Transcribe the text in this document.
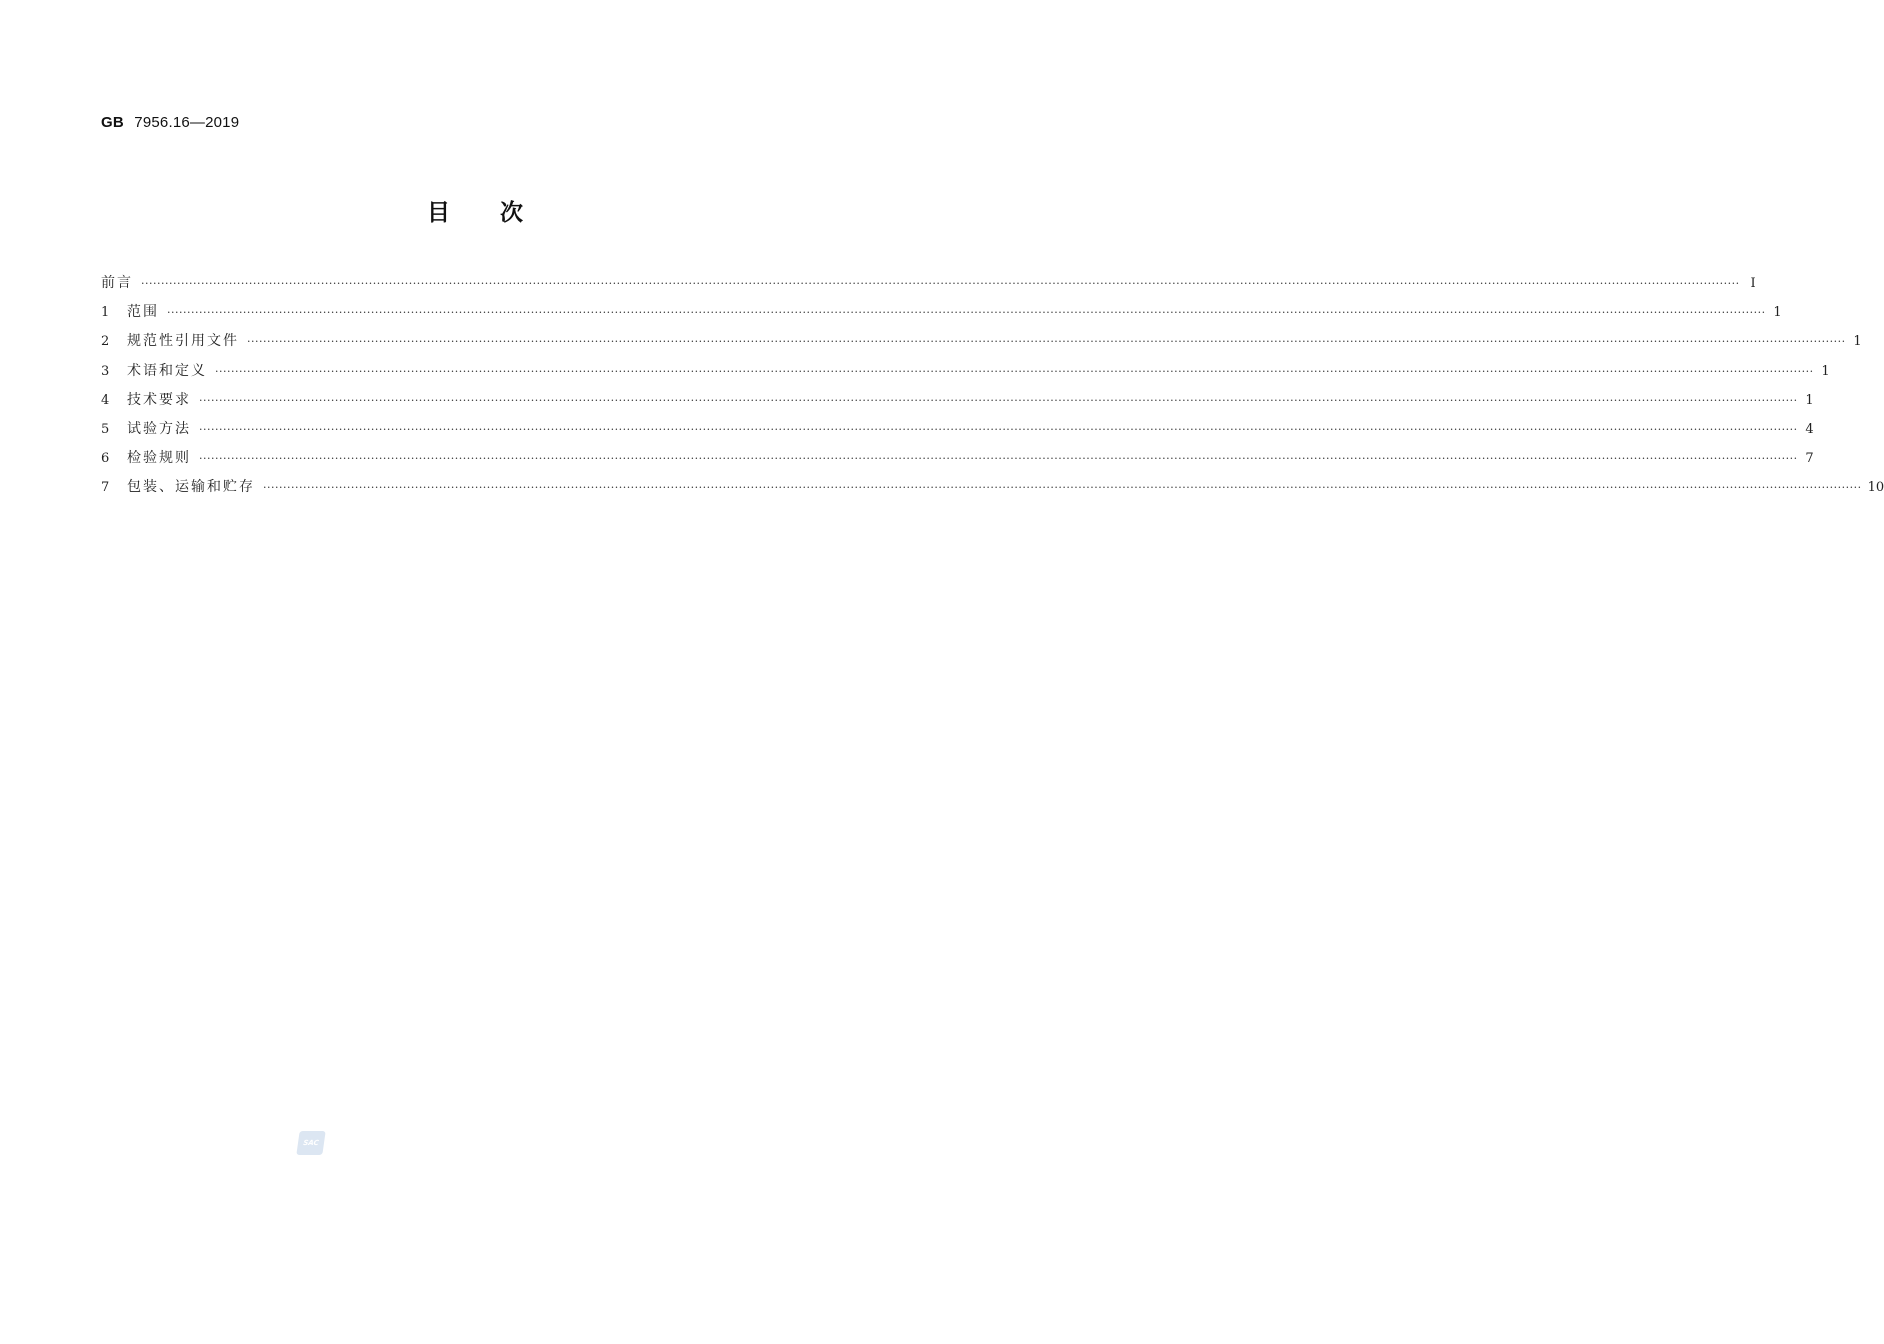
GB 7956.16—2019
目次
前言 ················································································································································································································································································································································································································ Ⅰ
1	范围 ················································································································································································································································································································································································································ 1
2	规范性引用文件 ················································································································································································································································································································································································································ 1
3	术语和定义 ················································································································································································································································································································································································································ 1
4	技术要求 ················································································································································································································································································································································································································ 1
5	试验方法 ················································································································································································································································································································································································································ 4
6	检验规则 ················································································································································································································································································································································································································ 7
7	包装、运输和贮存 ················································································································································································································································································································································································································ 10
SAC
